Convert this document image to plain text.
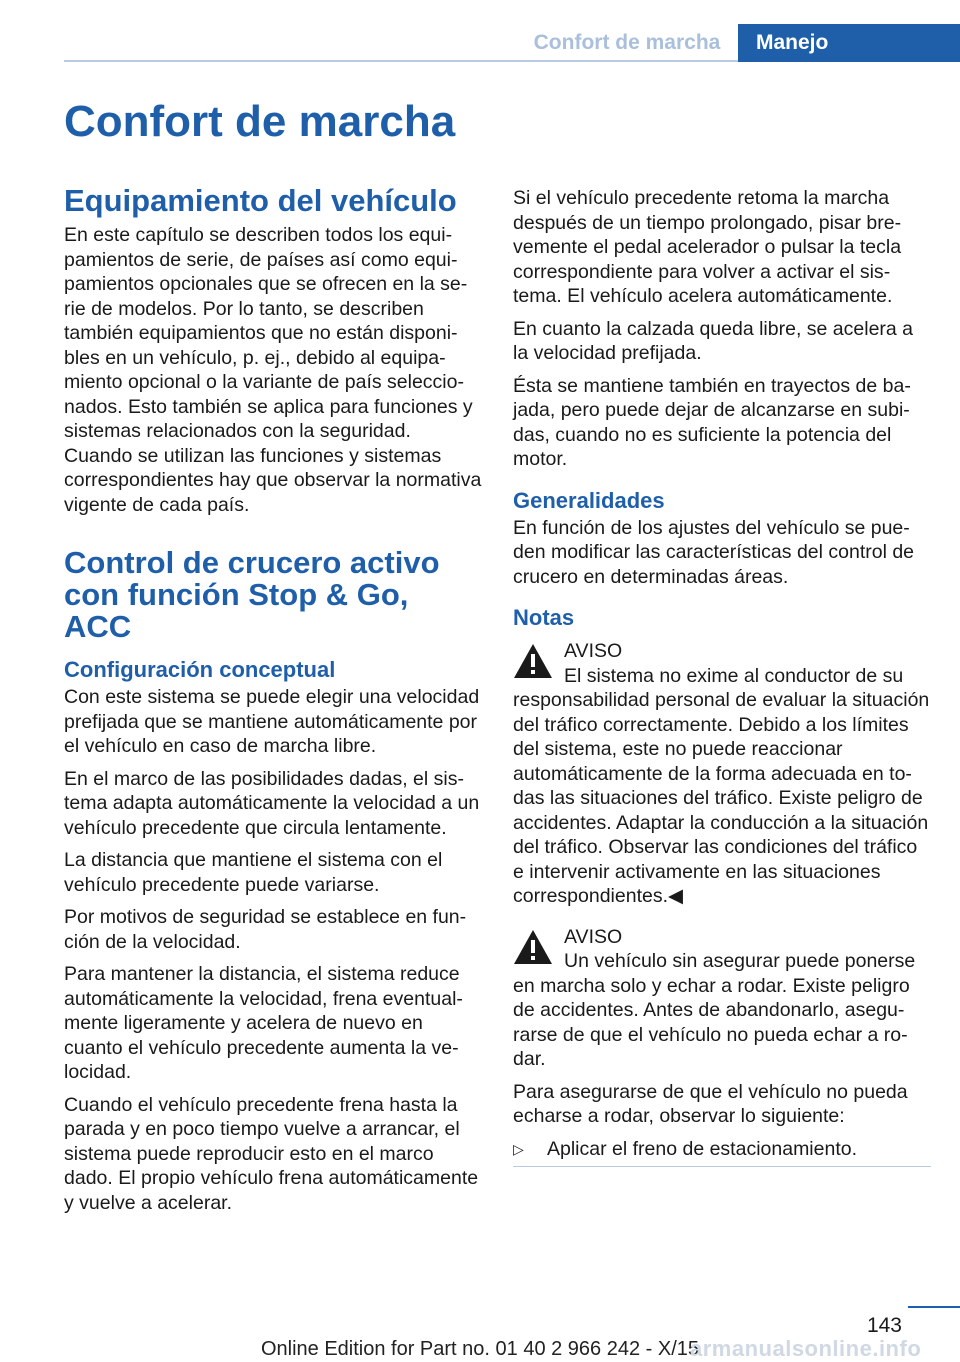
Confort de marcha	Manejo
Confort de marcha
Equipamiento del vehículo

En este capítulo se describen todos los equipamientos de serie, de países así como equipamientos opcionales que se ofrecen en la serie de modelos. Por lo tanto, se describen también equipamientos que no están disponibles en un vehículo, p. ej., debido al equipamiento opcional o la variante de país seleccionados. Esto también se aplica para funciones y sistemas relacionados con la seguridad.

Cuando se utilizan las funciones y sistemas correspondientes hay que observar la normativa vigente de cada país.

Control de crucero activo con función Stop & Go, ACC
Configuración conceptual

Con este sistema se puede elegir una velocidad prefijada que se mantiene automáticamente por el vehículo en caso de marcha libre.

En el marco de las posibilidades dadas, el sistema adapta automáticamente la velocidad a un vehículo precedente que circula lentamente.

La distancia que mantiene el sistema con el vehículo precedente puede variarse.

Por motivos de seguridad se establece en función de la velocidad.

Para mantener la distancia, el sistema reduce automáticamente la velocidad, frena eventualmente ligeramente y acelera de nuevo en cuanto el vehículo precedente aumenta la velocidad.

Cuando el vehículo precedente frena hasta la parada y en poco tiempo vuelve a arrancar, el sistema puede reproducir esto en el marco dado. El propio vehículo frena automáticamente y vuelve a acelerar.

Si el vehículo precedente retoma la marcha después de un tiempo prolongado, pisar brevemente el pedal acelerador o pulsar la tecla correspondiente para volver a activar el sistema. El vehículo acelera automáticamente.

En cuanto la calzada queda libre, se acelera a la velocidad prefijada.

Ésta se mantiene también en trayectos de bajada, pero puede dejar de alcanzarse en subidas, cuando no es suficiente la potencia del motor.

Generalidades

En función de los ajustes del vehículo se pueden modificar las características del control de crucero en determinadas áreas.

Notas
AVISO
El sistema no exime al conductor de su

responsabilidad personal de evaluar la situación del tráfico correctamente. Debido a los límites del sistema, este no puede reaccionar automáticamente de la forma adecuada en todas las situaciones del tráfico. Existe peligro de accidentes. Adaptar la conducción a la situación del tráfico. Observar las condiciones del tráfico e intervenir activamente en las situaciones correspondientes.◀

AVISO
Un vehículo sin asegurar puede ponerse

en marcha solo y echar a rodar. Existe peligro de accidentes. Antes de abandonarlo, asegurarse de que el vehículo no pueda echar a rodar.

Para asegurarse de que el vehículo no pueda echarse a rodar, observar lo siguiente:

▷	Aplicar el freno de estacionamiento.
143
Online Edition for Part no. 01 40 2 966 242 - X/15
armanualsonline.info
